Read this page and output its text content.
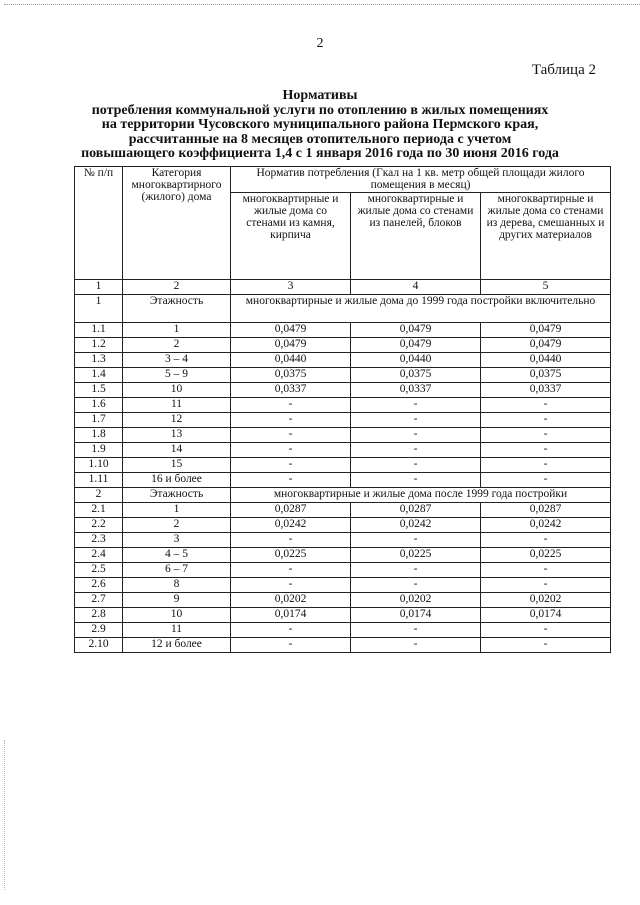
2
Таблица 2
Нормативы
потребления коммунальной услуги по отоплению в жилых помещениях
на территории Чусовского муниципального района Пермского края,
рассчитанные на 8 месяцев отопительного периода с учетом
повышающего коэффициента 1,4 с 1 января 2016 года по 30 июня 2016 года
№ п/п	Категория многоквартирного (жилого) дома	Норматив потребления (Гкал на 1 кв. метр общей площади жилого помещения в месяц)		
		многоквартирные и жилые дома со стенами из камня, кирпича	многоквартирные и жилые дома со стенами из панелей, блоков	многоквартирные и жилые дома со стенами из дерева, смешанных и других материалов
1	2	3	4	5
1	Этажность	многоквартирные и жилые дома до 1999 года постройки включительно		
1.1	1	0,0479	0,0479	0,0479
1.2	2	0,0479	0,0479	0,0479
1.3	3 – 4	0,0440	0,0440	0,0440
1.4	5 – 9	0,0375	0,0375	0,0375
1.5	10	0,0337	0,0337	0,0337
1.6	11	-	-	-
1.7	12	-	-	-
1.8	13	-	-	-
1.9	14	-	-	-
1.10	15	-	-	-
1.11	16 и более	-	-	-
2	Этажность	многоквартирные и жилые дома после 1999 года постройки		
2.1	1	0,0287	0,0287	0,0287
2.2	2	0,0242	0,0242	0,0242
2.3	3	-	-	-
2.4	4 – 5	0,0225	0,0225	0,0225
2.5	6 – 7	-	-	-
2.6	8	-	-	-
2.7	9	0,0202	0,0202	0,0202
2.8	10	0,0174	0,0174	0,0174
2.9	11	-	-	-
2.10	12 и более	-	-	-
